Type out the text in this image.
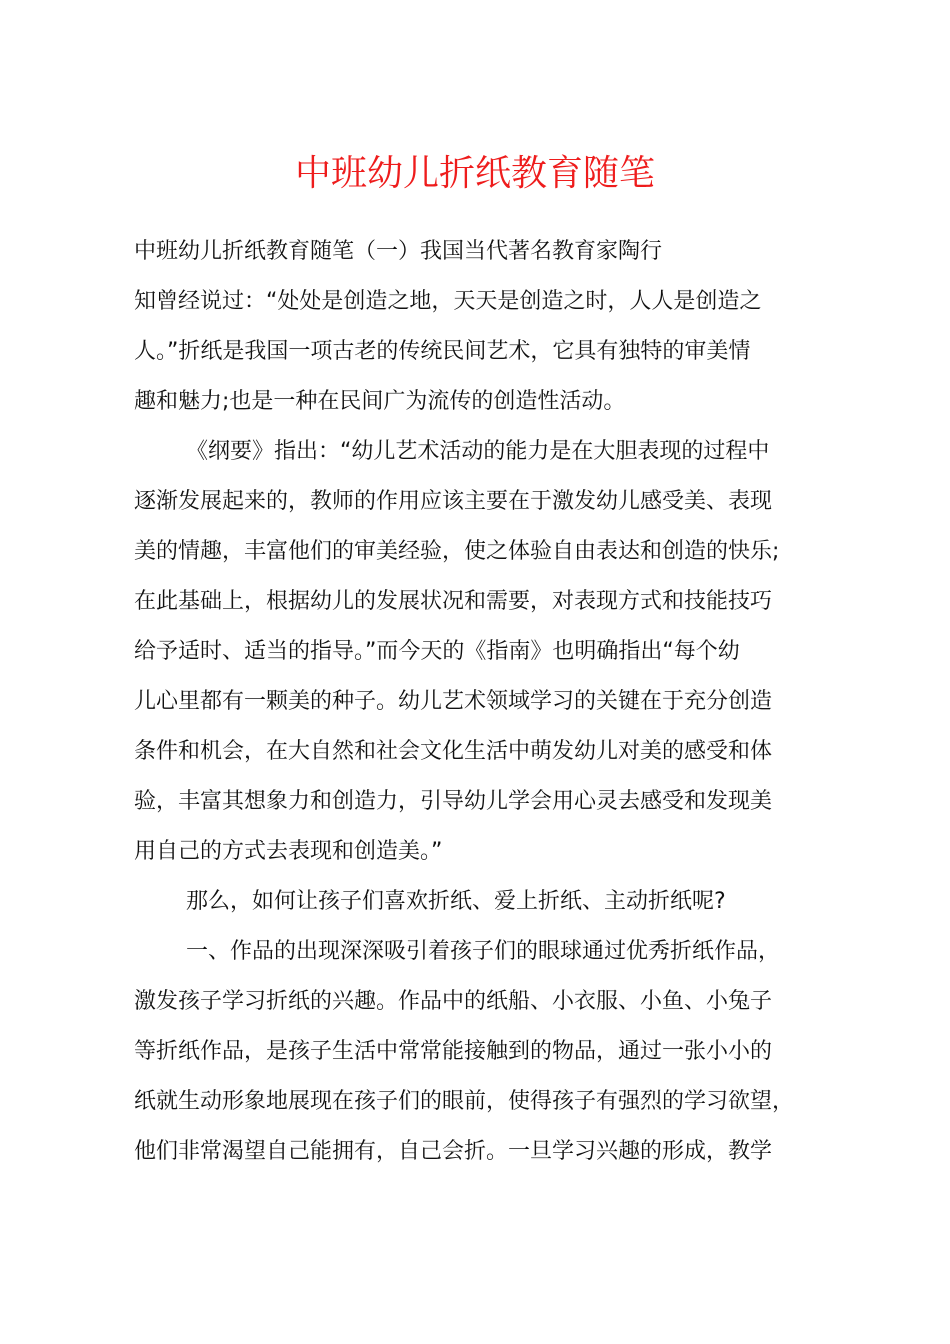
中班幼儿折纸教育随笔

中班幼儿折纸教育随笔（一）我国当代著名教育家陶行

知曾经说过：“处处是创造之地，天天是创造之时，人人是创造之

人。”折纸是我国一项古老的传统民间艺术，它具有独特的审美情

趣和魅力;也是一种在民间广为流传的创造性活动。

《纲要》指出：“幼儿艺术活动的能力是在大胆表现的过程中

逐渐发展起来的，教师的作用应该主要在于激发幼儿感受美、表现

美的情趣，丰富他们的审美经验，使之体验自由表达和创造的快乐;

在此基础上，根据幼儿的发展状况和需要，对表现方式和技能技巧

给予适时、适当的指导。”而今天的《指南》也明确指出“每个幼

儿心里都有一颗美的种子。幼儿艺术领域学习的关键在于充分创造

条件和机会，在大自然和社会文化生活中萌发幼儿对美的感受和体

验，丰富其想象力和创造力，引导幼儿学会用心灵去感受和发现美

用自己的方式去表现和创造美。”

那么，如何让孩子们喜欢折纸、爱上折纸、主动折纸呢?

一、作品的出现深深吸引着孩子们的眼球通过优秀折纸作品，

激发孩子学习折纸的兴趣。作品中的纸船、小衣服、小鱼、小兔子

等折纸作品，是孩子生活中常常能接触到的物品，通过一张小小的

纸就生动形象地展现在孩子们的眼前，使得孩子有强烈的学习欲望，

他们非常渴望自己能拥有，自己会折。一旦学习兴趣的形成，教学
